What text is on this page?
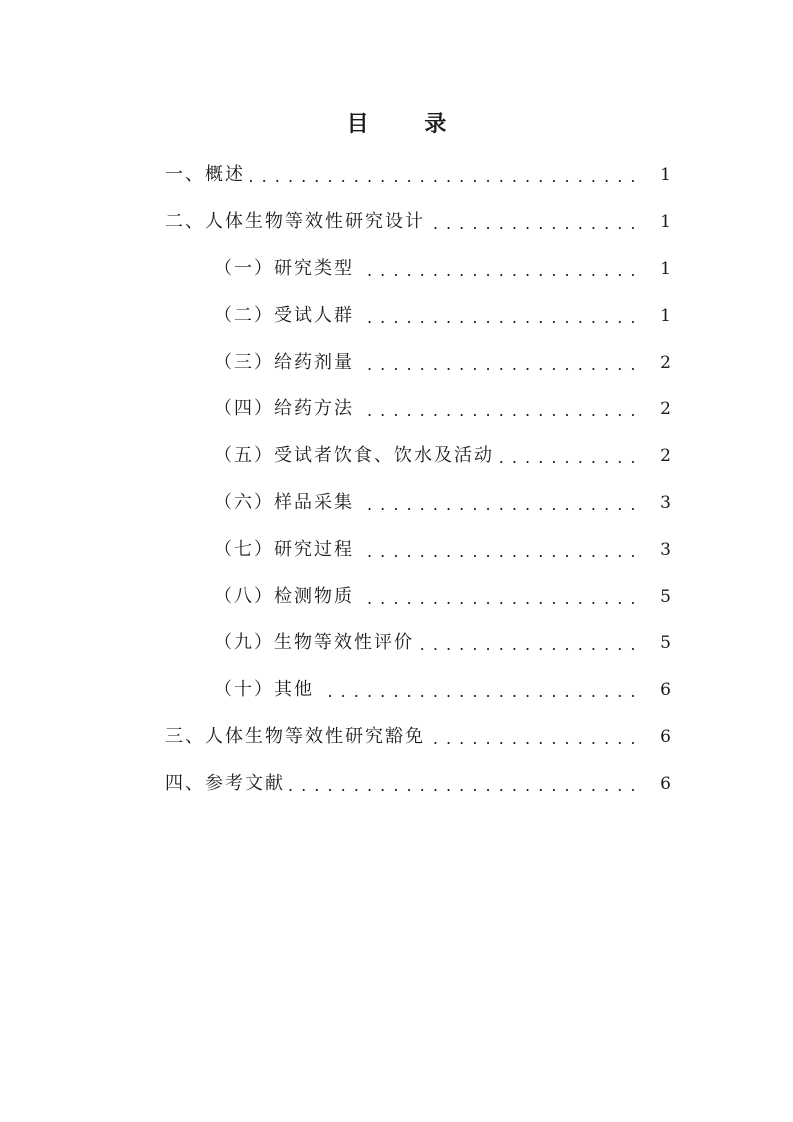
目 录
一、概述 . . .	1
二、人体生物等效性研究设计 . . .	1
（一）研究类型 . . .	1
（二）受试人群 . . .	1
（三）给药剂量 . . .	2
（四）给药方法 . . .	2
（五）受试者饮食、饮水及活动 . . .	2
（六）样品采集 . . .	3
（七）研究过程 . . .	3
（八）检测物质 . . .	5
（九）生物等效性评价 . . .	5
（十）其他 . . .	6
三、人体生物等效性研究豁免 . . .	6
四、参考文献 . . .	6
